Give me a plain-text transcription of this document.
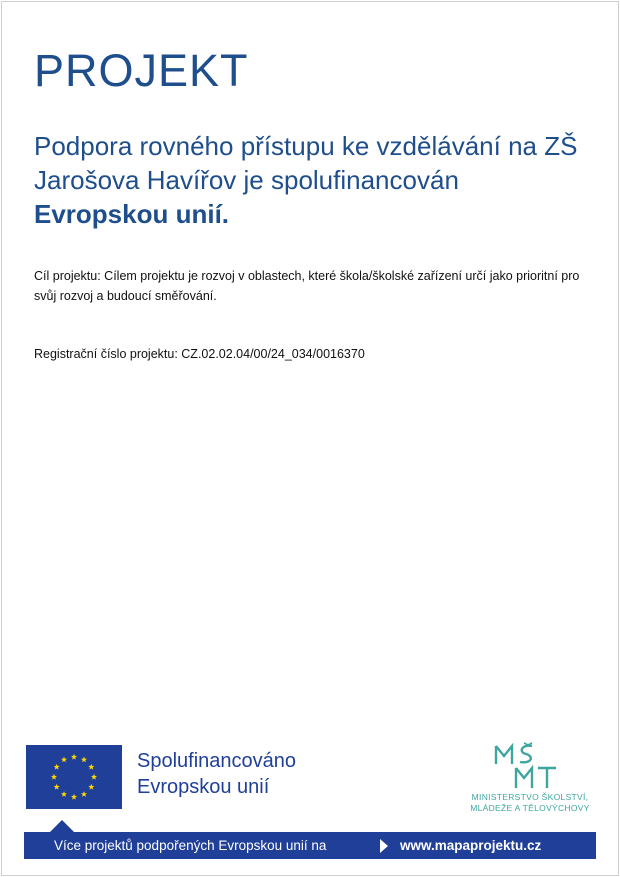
PROJEKT

Podpora rovného přístupu ke vzdělávání na ZŠ Jarošova Havířov je spolufinancován Evropskou unií.

Cíl projektu: Cílem projektu je rozvoj v oblastech, které škola/školské zařízení určí jako prioritní pro svůj rozvoj a budoucí směřování.

Registrační číslo projektu: CZ.02.02.04/00/24_034/0016370

Spolufinancováno
Evropskou unií	MINISTERSTVO ŠKOLSTVÍ,
MLÁDEŽE A TĚLOVÝCHOVY
Více projektů podpořených Evropskou unií na	www.mapaprojektu.cz
